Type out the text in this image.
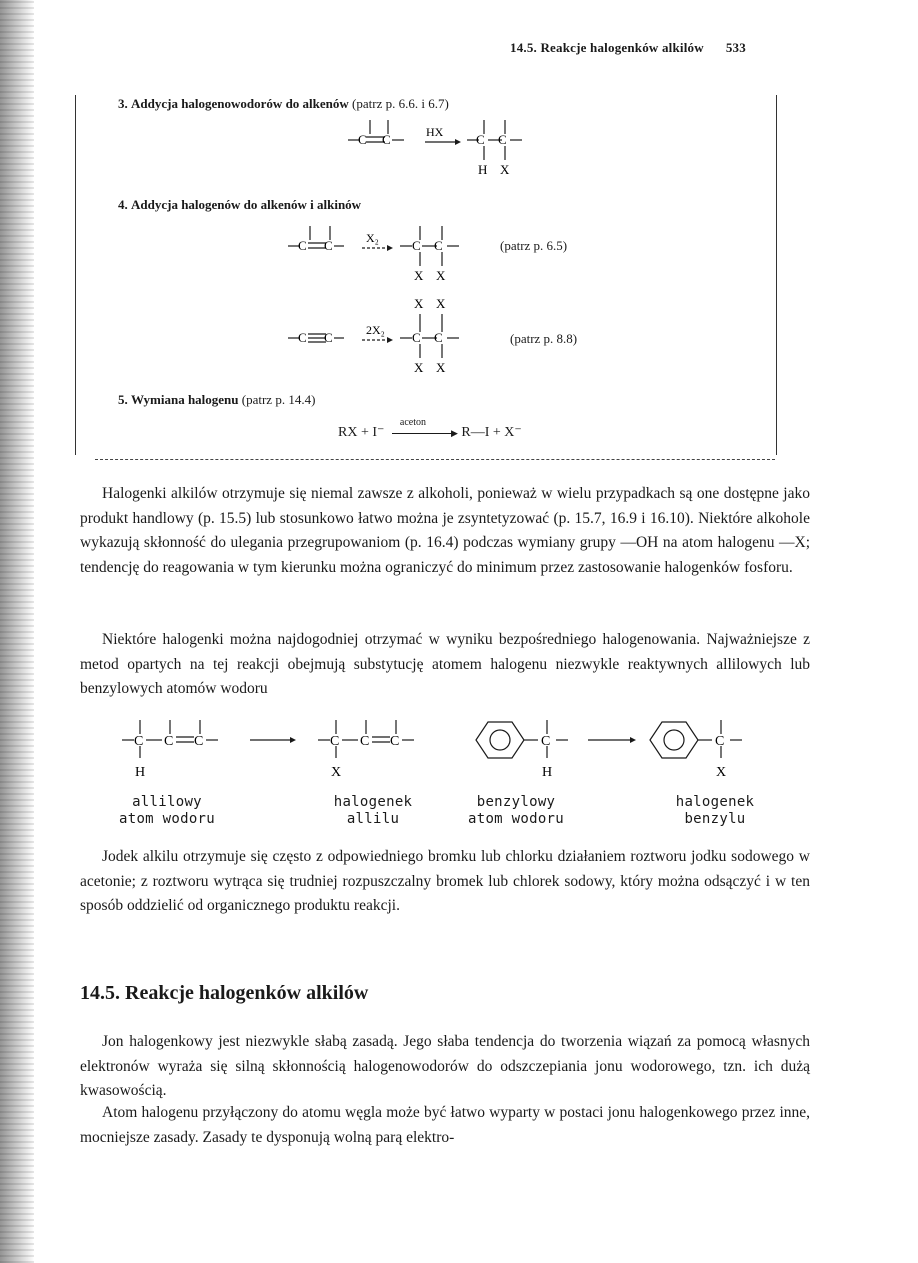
14.5. Reakcje halogenków alkilów 533
3. Addycja halogenowodorów do alkenów (patrz p. 6.6. i 6.7)
C C	HX	C C
H X
4. Addycja halogenów do alkenów i alkinów
C C	X₂	C C
X X
(patrz p. 6.5)
C C	2X₂ C C
X X
X X
(patrz p. 8.8)
5. Wymiana halogenu (patrz p. 14.4)
RX + I⁻
aceton
▶ R—I + X⁻

Halogenki alkilów otrzymuje się niemal zawsze z alkoholi, ponieważ w wielu przypadkach są one dostępne jako produkt handlowy (p. 15.5) lub stosunkowo łatwo można je zsyntetyzować (p. 15.7, 16.9 i 16.10). Niektóre alkohole wykazują skłonność do ulegania przegrupowaniom (p. 16.4) podczas wymiany grupy —OH na atom halogenu —X; tendencję do reagowania w tym kierunku można ograniczyć do minimum przez zastosowanie halogenków fosforu.

Niektóre halogenki można najdogodniej otrzymać w wyniku bezpośredniego halogenowania. Najważniejsze z metod opartych na tej reakcji obejmują substytucję atomem halogenu niezwykle reaktywnych allilowych lub benzylowych atomów wodoru

C C C
H
C C C
X
C
H
C
X
allilowy
atom wodoru
halogenek
allilu
benzylowy
atom wodoru
halogenek
benzylu

Jodek alkilu otrzymuje się często z odpowiedniego bromku lub chlorku działaniem roztworu jodku sodowego w acetonie; z roztworu wytrąca się trudniej rozpuszczalny bromek lub chlorek sodowy, który można odsączyć i w ten sposób oddzielić od organicznego produktu reakcji.

14.5. Reakcje halogenków alkilów

Jon halogenkowy jest niezwykle słabą zasadą. Jego słaba tendencja do tworzenia wiązań za pomocą własnych elektronów wyraża się silną skłonnością halogenowodorów do odszczepiania jonu wodorowego, tzn. ich dużą kwasowością.

Atom halogenu przyłączony do atomu węgla może być łatwo wyparty w postaci jonu halogenkowego przez inne, mocniejsze zasady. Zasady te dysponują wolną parą elektro-
